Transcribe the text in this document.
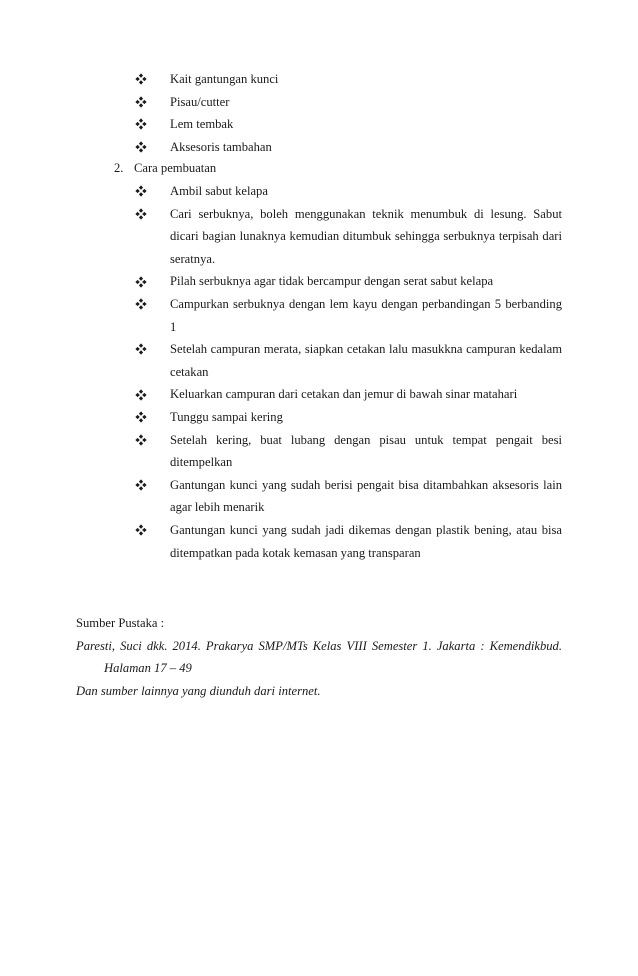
Kait gantungan kunci
Pisau/cutter
Lem tembak
Aksesoris tambahan
2. Cara pembuatan
Ambil sabut kelapa
Cari serbuknya, boleh menggunakan teknik menumbuk di lesung. Sabut dicari bagian lunaknya kemudian ditumbuk sehingga serbuknya terpisah dari seratnya.
Pilah serbuknya agar tidak bercampur dengan serat sabut kelapa
Campurkan serbuknya dengan lem kayu dengan perbandingan 5 berbanding 1
Setelah campuran merata, siapkan cetakan lalu masukkna campuran kedalam cetakan
Keluarkan campuran dari cetakan dan jemur di bawah sinar matahari
Tunggu sampai kering
Setelah kering, buat lubang dengan pisau untuk tempat pengait besi ditempelkan
Gantungan kunci yang sudah berisi pengait bisa ditambahkan aksesoris lain agar lebih menarik
Gantungan kunci yang sudah jadi dikemas dengan plastik bening, atau bisa ditempatkan pada kotak kemasan yang transparan
Sumber Pustaka :
Paresti, Suci dkk. 2014. Prakarya SMP/MTs Kelas VIII Semester 1. Jakarta : Kemendikbud.
Halaman 17 – 49
Dan sumber lainnya yang diunduh dari internet.
